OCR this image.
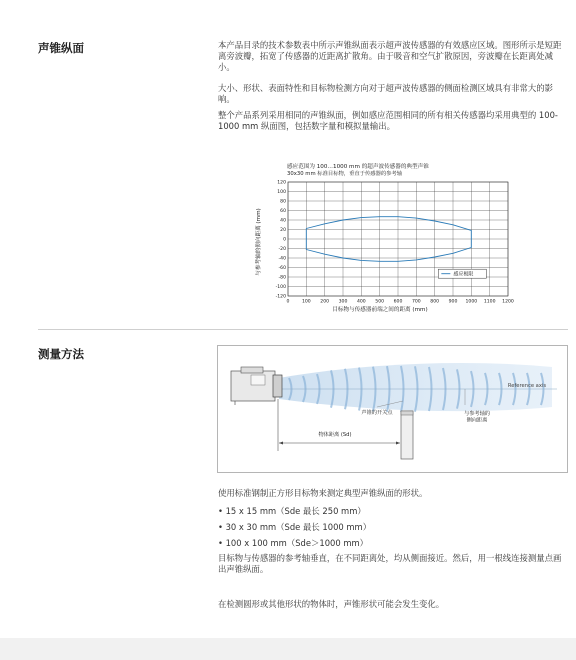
声锥纵面	本产品目录的技术参数表中所示声锥纵面表示超声波传感器的有效感应区域。图形所示是短距离旁波瓣，拓宽了传感器的近距离扩散角。由于吸音和空气扩散原因，旁波瓣在长距离处减小。

大小、形状、表面特性和目标物检测方向对于超声波传感器的侧面检测区域具有非常大的影响。

整个产品系列采用相同的声锥纵面，例如感应范围相同的所有相关传感器均采用典型的 100-1000 mm 纵面图，包括数字量和模拟量输出。

感应范围为 100…1000 mm 的超声波传感器的典型声锥
30x30 mm 标准目标物，垂直于传感器的参考轴
120
100
80
60
40
20
0
-20
-40
-60
-80
-100
-120
0	100 200 300 400 500 600 700 800 900 1000 1100 1200
感应极限
目标物与传感器前端之间的距离 (mm)
与参考轴的侧向距离 (mm)
测量方法
物体距离 (Sd)
声锥的开关点
Reference axis
与参考轴的侧向距离

使用标准钢制正方形目标物来测定典型声锥纵面的形状。

• 15 x 15 mm（Sde 最长 250 mm）
• 30 x 30 mm（Sde 最长 1000 mm）
• 100 x 100 mm（Sde＞1000 mm）

目标物与传感器的参考轴垂直，在不同距离处，均从侧面接近。然后，用一根线连接测量点画出声锥纵面。

在检测圆形或其他形状的物体时，声锥形状可能会发生变化。
